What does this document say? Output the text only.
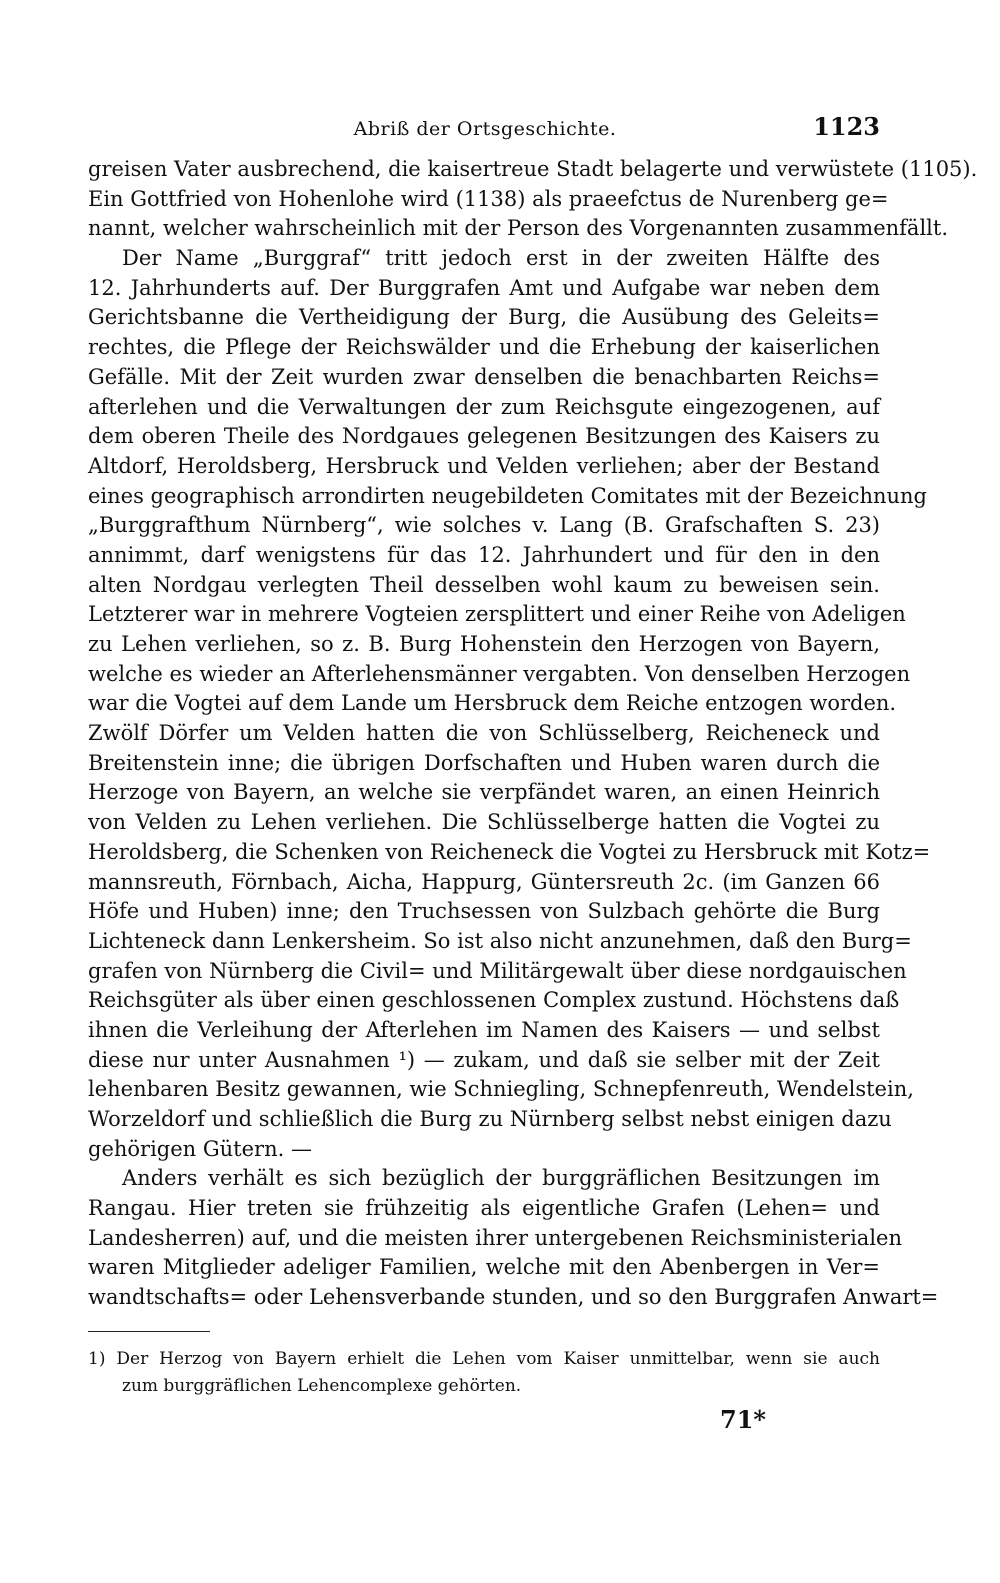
Abriß der Ortsgeschichte.	1123
greisen Vater ausbrechend, die kaisertreue Stadt belagerte und verwüstete (1105).
Ein Gottfried von Hohenlohe wird (1138) als praeefctus de Nurenberg ge=
nannt, welcher wahrscheinlich mit der Person des Vorgenannten zusammenfällt.
Der Name „Burggraf“ tritt jedoch erst in der zweiten Hälfte des
12. Jahrhunderts auf. Der Burggrafen Amt und Aufgabe war neben dem
Gerichtsbanne die Vertheidigung der Burg, die Ausübung des Geleits=
rechtes, die Pflege der Reichswälder und die Erhebung der kaiserlichen
Gefälle. Mit der Zeit wurden zwar denselben die benachbarten Reichs=
afterlehen und die Verwaltungen der zum Reichsgute eingezogenen, auf
dem oberen Theile des Nordgaues gelegenen Besitzungen des Kaisers zu
Altdorf, Heroldsberg, Hersbruck und Velden verliehen; aber der Bestand
eines geographisch arrondirten neugebildeten Comitates mit der Bezeichnung
„Burggrafthum Nürnberg“, wie solches v. Lang (B. Grafschaften S. 23)
annimmt, darf wenigstens für das 12. Jahrhundert und für den in den
alten Nordgau verlegten Theil desselben wohl kaum zu beweisen sein.
Letzterer war in mehrere Vogteien zersplittert und einer Reihe von Adeligen
zu Lehen verliehen, so z. B. Burg Hohenstein den Herzogen von Bayern,
welche es wieder an Afterlehensmänner vergabten. Von denselben Herzogen
war die Vogtei auf dem Lande um Hersbruck dem Reiche entzogen worden.
Zwölf Dörfer um Velden hatten die von Schlüsselberg, Reicheneck und
Breitenstein inne; die übrigen Dorfschaften und Huben waren durch die
Herzoge von Bayern, an welche sie verpfändet waren, an einen Heinrich
von Velden zu Lehen verliehen. Die Schlüsselberge hatten die Vogtei zu
Heroldsberg, die Schenken von Reicheneck die Vogtei zu Hersbruck mit Kotz=
mannsreuth, Förnbach, Aicha, Happurg, Güntersreuth 2c. (im Ganzen 66
Höfe und Huben) inne; den Truchsessen von Sulzbach gehörte die Burg
Lichteneck dann Lenkersheim. So ist also nicht anzunehmen, daß den Burg=
grafen von Nürnberg die Civil= und Militärgewalt über diese nordgauischen
Reichsgüter als über einen geschlossenen Complex zustund. Höchstens daß
ihnen die Verleihung der Afterlehen im Namen des Kaisers — und selbst
diese nur unter Ausnahmen ¹) — zukam, und daß sie selber mit der Zeit
lehenbaren Besitz gewannen, wie Schniegling, Schnepfenreuth, Wendelstein,
Worzeldorf und schließlich die Burg zu Nürnberg selbst nebst einigen dazu
gehörigen Gütern. —
Anders verhält es sich bezüglich der burggräflichen Besitzungen im
Rangau. Hier treten sie frühzeitig als eigentliche Grafen (Lehen= und
Landesherren) auf, und die meisten ihrer untergebenen Reichsministerialen
waren Mitglieder adeliger Familien, welche mit den Abenbergen in Ver=
wandtschafts= oder Lehensverbande stunden, und so den Burggrafen Anwart=
1) Der Herzog von Bayern erhielt die Lehen vom Kaiser unmittelbar, wenn sie auch
zum burggräflichen Lehencomplexe gehörten.
71*
